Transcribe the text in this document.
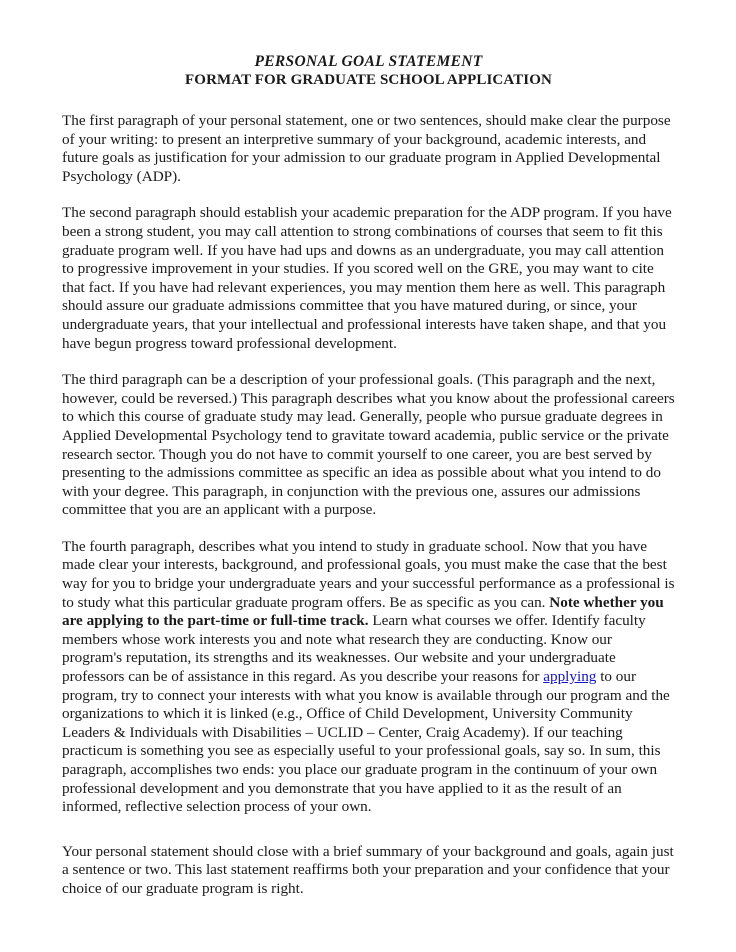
PERSONAL GOAL STATEMENT
FORMAT FOR GRADUATE SCHOOL APPLICATION

The first paragraph of your personal statement, one or two sentences, should make clear the purpose of your writing: to present an interpretive summary of your background, academic interests, and future goals as justification for your admission to our graduate program in Applied Developmental Psychology (ADP).

The second paragraph should establish your academic preparation for the ADP program. If you have been a strong student, you may call attention to strong combinations of courses that seem to fit this graduate program well. If you have had ups and downs as an undergraduate, you may call attention to progressive improvement in your studies. If you scored well on the GRE, you may want to cite that fact. If you have had relevant experiences, you may mention them here as well. This paragraph should assure our graduate admissions committee that you have matured during, or since, your undergraduate years, that your intellectual and professional interests have taken shape, and that you have begun progress toward professional development.

The third paragraph can be a description of your professional goals. (This paragraph and the next, however, could be reversed.) This paragraph describes what you know about the professional careers to which this course of graduate study may lead. Generally, people who pursue graduate degrees in Applied Developmental Psychology tend to gravitate toward academia, public service or the private research sector. Though you do not have to commit yourself to one career, you are best served by presenting to the admissions committee as specific an idea as possible about what you intend to do with your degree. This paragraph, in conjunction with the previous one, assures our admissions committee that you are an applicant with a purpose.

The fourth paragraph, describes what you intend to study in graduate school. Now that you have made clear your interests, background, and professional goals, you must make the case that the best way for you to bridge your undergraduate years and your successful performance as a professional is to study what this particular graduate program offers. Be as specific as you can. Note whether you are applying to the part-time or full-time track. Learn what courses we offer. Identify faculty members whose work interests you and note what research they are conducting. Know our program's reputation, its strengths and its weaknesses. Our website and your undergraduate professors can be of assistance in this regard. As you describe your reasons for applying to our program, try to connect your interests with what you know is available through our program and the organizations to which it is linked (e.g., Office of Child Development, University Community Leaders & Individuals with Disabilities – UCLID – Center, Craig Academy). If our teaching practicum is something you see as especially useful to your professional goals, say so. In sum, this paragraph, accomplishes two ends: you place our graduate program in the continuum of your own professional development and you demonstrate that you have applied to it as the result of an informed, reflective selection process of your own.

Your personal statement should close with a brief summary of your background and goals, again just a sentence or two. This last statement reaffirms both your preparation and your confidence that your choice of our graduate program is right.
